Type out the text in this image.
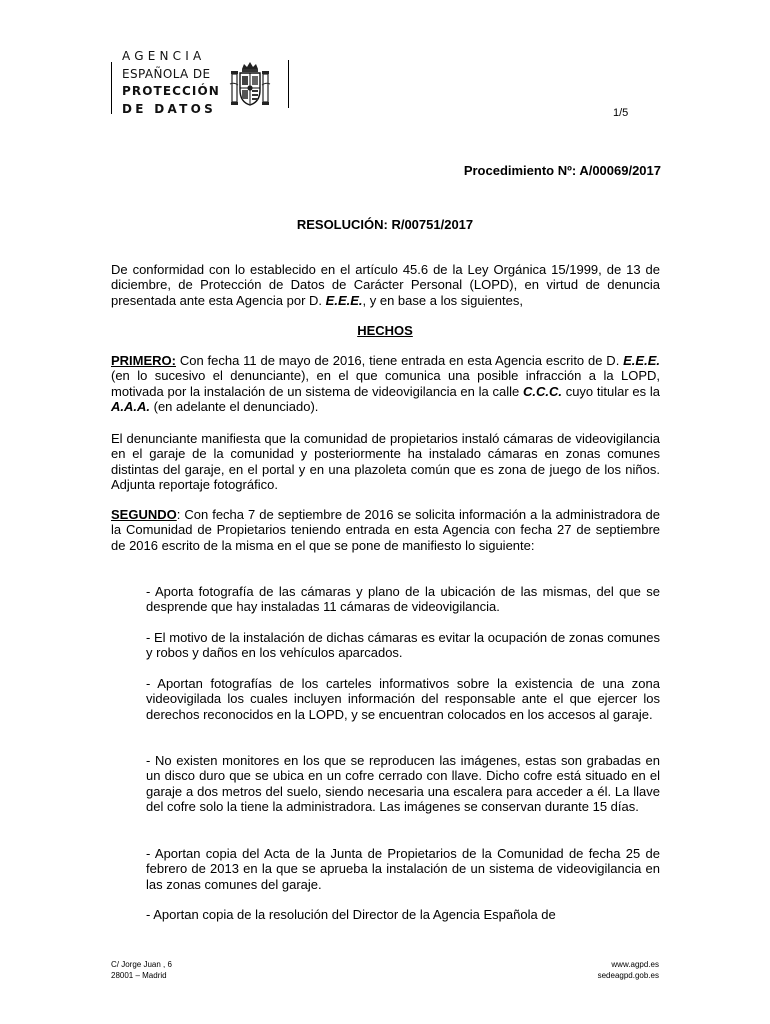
AGENCIA
ESPAÑOLA DE
PROTECCIÓN
DE DATOS	1/5
Procedimiento Nº: A/00069/2017
RESOLUCIÓN: R/00751/2017
De conformidad con lo establecido en el artículo 45.6 de la Ley Orgánica 15/1999, de 13 de diciembre, de Protección de Datos de Carácter Personal (LOPD), en virtud de denuncia presentada ante esta Agencia por D. E.E.E., y en base a los siguientes,
HECHOS
PRIMERO: Con fecha 11 de mayo de 2016, tiene entrada en esta Agencia escrito de D. E.E.E. (en lo sucesivo el denunciante), en el que comunica una posible infracción a la LOPD, motivada por la instalación de un sistema de videovigilancia en la calle C.C.C. cuyo titular es la A.A.A. (en adelante el denunciado).
El denunciante manifiesta que la comunidad de propietarios instaló cámaras de videovigilancia en el garaje de la comunidad y posteriormente ha instalado cámaras en zonas comunes distintas del garaje, en el portal y en una plazoleta común que es zona de juego de los niños. Adjunta reportaje fotográfico.
SEGUNDO: Con fecha 7 de septiembre de 2016 se solicita información a la administradora de la Comunidad de Propietarios teniendo entrada en esta Agencia con fecha 27 de septiembre de 2016 escrito de la misma en el que se pone de manifiesto lo siguiente:
- Aporta fotografía de las cámaras y plano de la ubicación de las mismas, del que se desprende que hay instaladas 11 cámaras de videovigilancia.
- El motivo de la instalación de dichas cámaras es evitar la ocupación de zonas comunes y robos y daños en los vehículos aparcados.
- Aportan fotografías de los carteles informativos sobre la existencia de una zona videovigilada los cuales incluyen información del responsable ante el que ejercer los derechos reconocidos en la LOPD, y se encuentran colocados en los accesos al garaje.
- No existen monitores en los que se reproducen las imágenes, estas son grabadas en un disco duro que se ubica en un cofre cerrado con llave. Dicho cofre está situado en el garaje a dos metros del suelo, siendo necesaria una escalera para acceder a él. La llave del cofre solo la tiene la administradora. Las imágenes se conservan durante 15 días.
- Aportan copia del Acta de la Junta de Propietarios de la Comunidad de fecha 25 de febrero de 2013 en la que se aprueba la instalación de un sistema de videovigilancia en las zonas comunes del garaje.
- Aportan copia de la resolución del Director de la Agencia Española de
C/ Jorge Juan , 6
28001 – Madrid
www.agpd.es
sedeagpd.gob.es
